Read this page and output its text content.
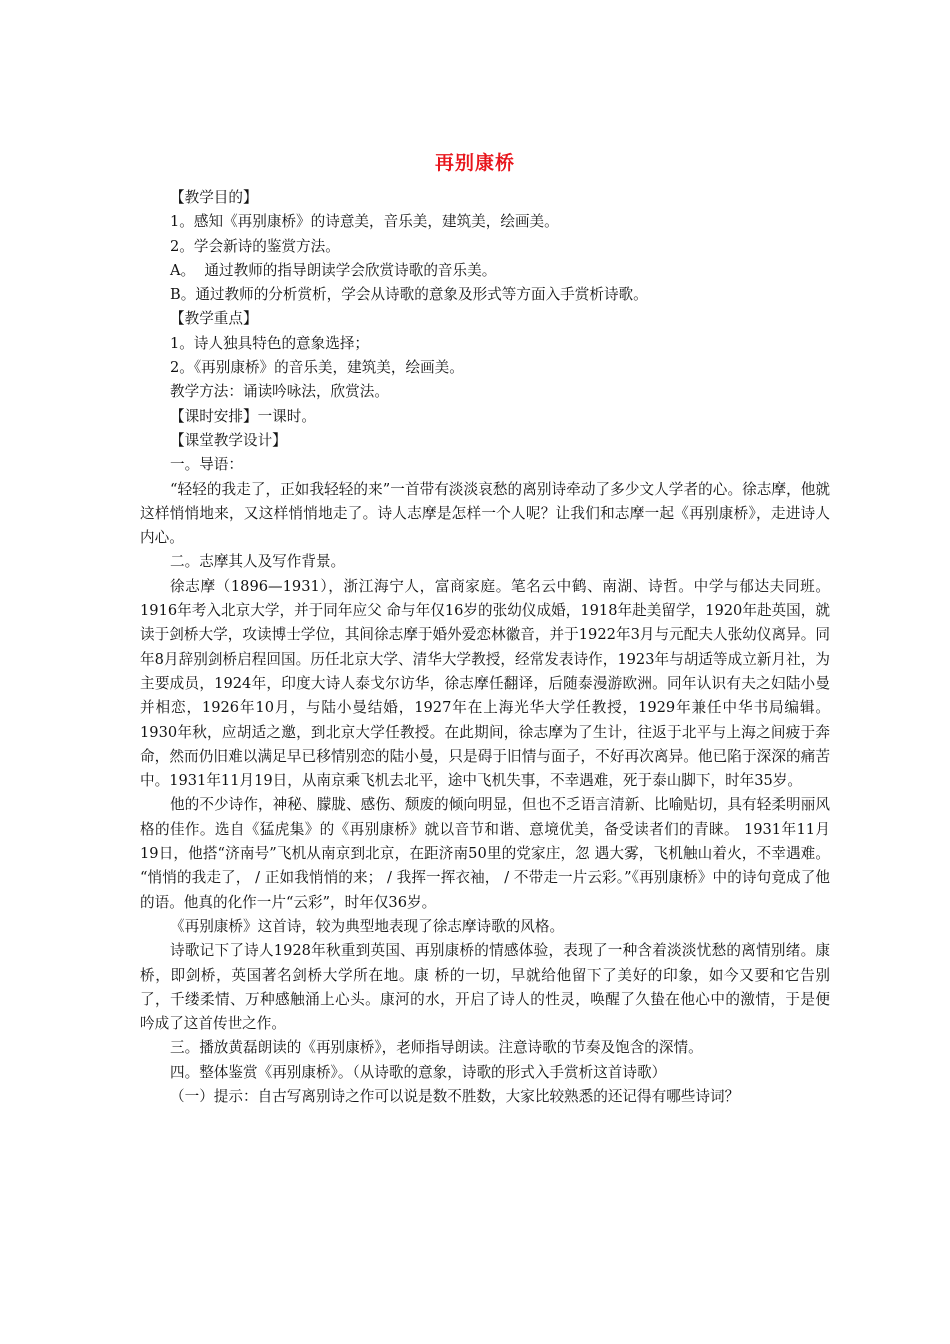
再别康桥
【教学目的】
1。感知《再别康桥》的诗意美，音乐美，建筑美，绘画美。
2。学会新诗的鉴赏方法。
A。  通过教师的指导朗读学会欣赏诗歌的音乐美。
B。通过教师的分析赏析，学会从诗歌的意象及形式等方面入手赏析诗歌。
【教学重点】
1。诗人独具特色的意象选择；
2。《再别康桥》的音乐美，建筑美，绘画美。
教学方法：诵读吟咏法，欣赏法。
【课时安排】一课时。
【课堂教学设计】
一。导语：
“轻轻的我走了，正如我轻轻的来”一首带有淡淡哀愁的离别诗牵动了多少文人学者的心。徐志摩，他就这样悄悄地来，又这样悄悄地走了。诗人志摩是怎样一个人呢？让我们和志摩一起《再别康桥》，走进诗人内心。
二。志摩其人及写作背景。
徐志摩（1896—1931），浙江海宁人，富商家庭。笔名云中鹤、南湖、诗哲。中学与郁达夫同班。1916年考入北京大学，并于同年应父 命与年仅16岁的张幼仪成婚，1918年赴美留学，1920年赴英国，就读于剑桥大学，攻读博士学位，其间徐志摩于婚外爱恋林徽音，并于1922年3月与元配夫人张幼仪离异。同年8月辞别剑桥启程回国。历任北京大学、清华大学教授，经常发表诗作，1923年与胡适等成立新月社，为主要成员，1924年，印度大诗人泰戈尔访华，徐志摩任翻译，后随泰漫游欧洲。同年认识有夫之妇陆小曼并相恋，1926年10月，与陆小曼结婚，1927年在上海光华大学任教授，1929年兼任中华书局编辑。1930年秋，应胡适之邀，到北京大学任教授。在此期间，徐志摩为了生计，往返于北平与上海之间疲于奔命，然而仍旧难以满足早已移情别恋的陆小曼，只是碍于旧情与面子，不好再次离异。他已陷于深深的痛苦中。1931年11月19日，从南京乘飞机去北平，途中飞机失事，不幸遇难，死于泰山脚下，时年35岁。
他的不少诗作，神秘、朦胧、感伤、颓废的倾向明显，但也不乏语言清新、比喻贴切，具有轻柔明丽风格的佳作。选自《猛虎集》的《再别康桥》就以音节和谐、意境优美，备受读者们的青睐。 1931年11月19日，他搭“济南号”飞机从南京到北京，在距济南50里的党家庄，忽 遇大雾，飞机触山着火，不幸遇难。 “悄悄的我走了， / 正如我悄悄的来； / 我挥一挥衣袖， / 不带走一片云彩。”《再别康桥》中的诗句竟成了他的语。他真的化作一片“云彩”，时年仅36岁。
《再别康桥》这首诗，较为典型地表现了徐志摩诗歌的风格。
诗歌记下了诗人1928年秋重到英国、再别康桥的情感体验，表现了一种含着淡淡忧愁的离情别绪。康桥，即剑桥，英国著名剑桥大学所在地。康 桥的一切，早就给他留下了美好的印象，如今又要和它告别了，千缕柔情、万种感触涌上心头。康河的水，开启了诗人的性灵，唤醒了久蛰在他心中的激情，于是便 吟成了这首传世之作。
三。播放黄磊朗读的《再别康桥》，老师指导朗读。注意诗歌的节奏及饱含的深情。
四。整体鉴赏《再别康桥》。（从诗歌的意象，诗歌的形式入手赏析这首诗歌）
（一）提示：自古写离别诗之作可以说是数不胜数，大家比较熟悉的还记得有哪些诗词？
